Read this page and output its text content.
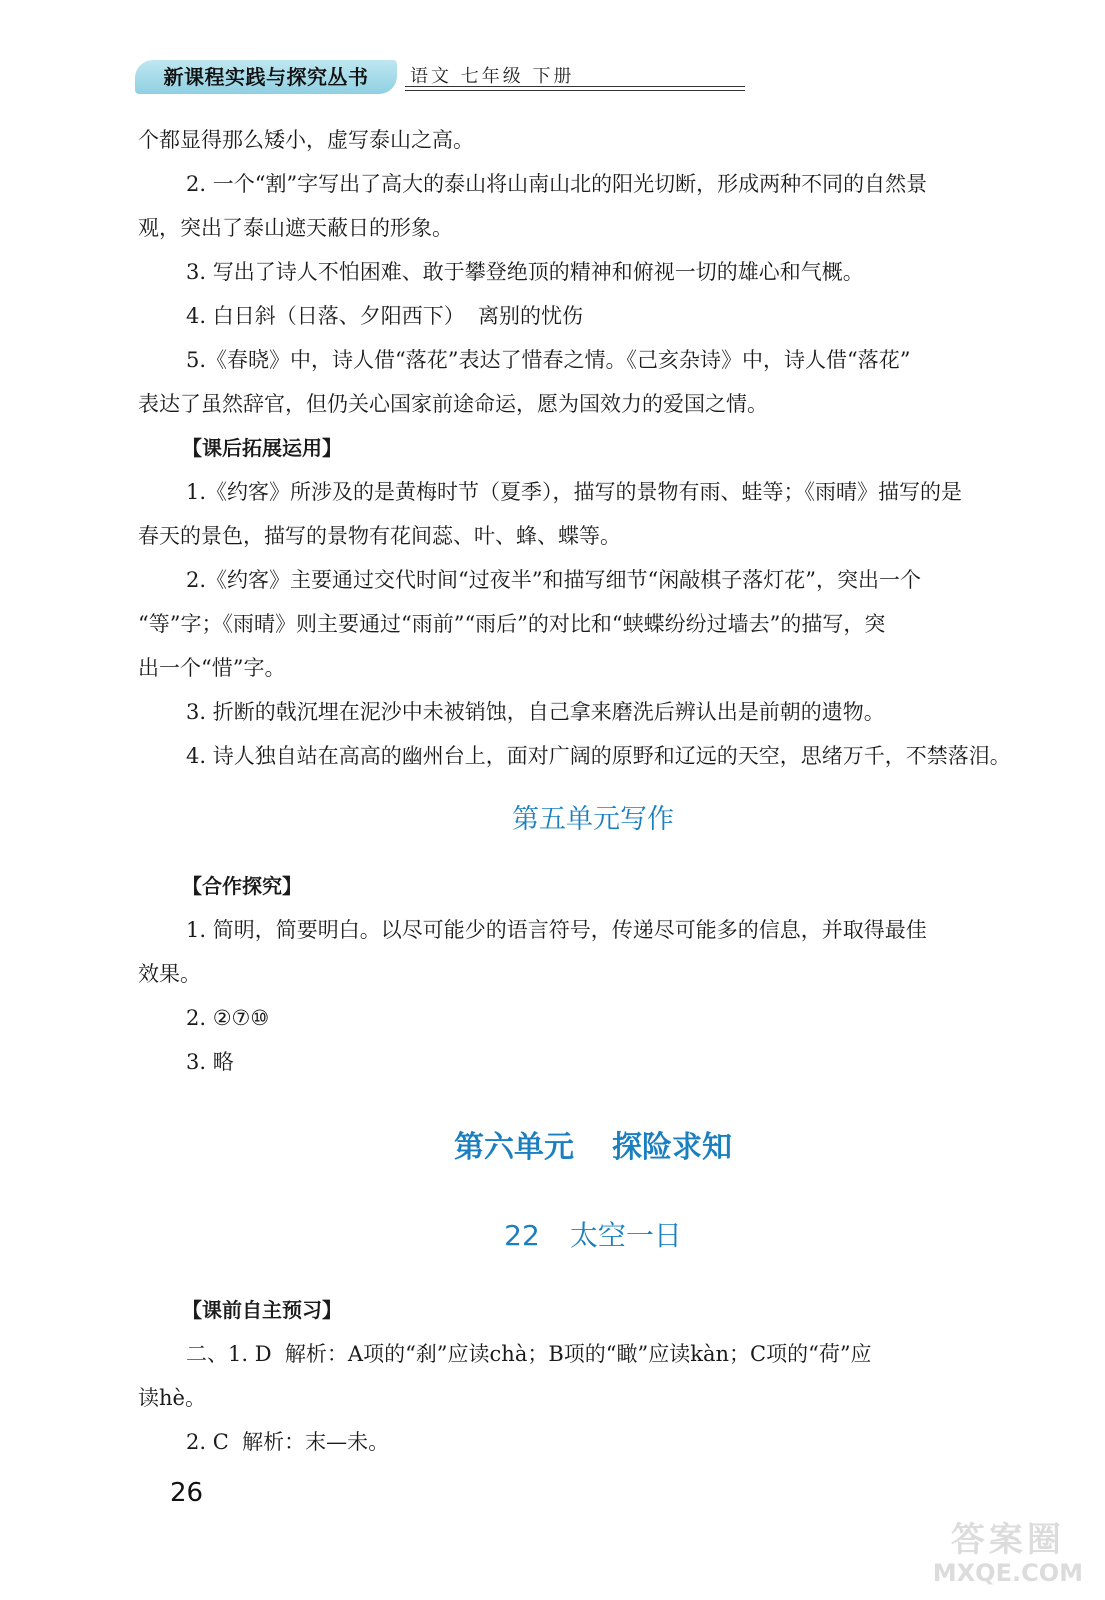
新课程实践与探究丛书	语文 七年级 下册

个都显得那么矮小，虚写泰山之高。

2. 一个“割”字写出了高大的泰山将山南山北的阳光切断，形成两种不同的自然景

观，突出了泰山遮天蔽日的形象。

3. 写出了诗人不怕困难、敢于攀登绝顶的精神和俯视一切的雄心和气概。

4. 白日斜（日落、夕阳西下）  离别的忧伤

5.《春晓》中，诗人借“落花”表达了惜春之情。《己亥杂诗》中，诗人借“落花”

表达了虽然辞官，但仍关心国家前途命运，愿为国效力的爱国之情。

【课后拓展运用】

1.《约客》所涉及的是黄梅时节（夏季），描写的景物有雨、蛙等；《雨晴》描写的是

春天的景色，描写的景物有花间蕊、叶、蜂、蝶等。

2.《约客》主要通过交代时间“过夜半”和描写细节“闲敲棋子落灯花”，突出一个

“等”字；《雨晴》则主要通过“雨前”“雨后”的对比和“蛱蝶纷纷过墙去”的描写，突

出一个“惜”字。

3. 折断的戟沉埋在泥沙中未被销蚀，自己拿来磨洗后辨认出是前朝的遗物。

4. 诗人独自站在高高的幽州台上，面对广阔的原野和辽远的天空，思绪万千，不禁落泪。

第五单元写作

【合作探究】

1. 简明，简要明白。以尽可能少的语言符号，传递尽可能多的信息，并取得最佳

效果。

2. ②⑦⑩

3. 略

第六单元 探险求知
22 太空一日

【课前自主预习】

二、1. D  解析：A项的“刹”应读chà；B项的“瞰”应读kàn；C项的“荷”应

读hè。

2. C  解析：末—未。

26
答案圈
MXQE.COM
